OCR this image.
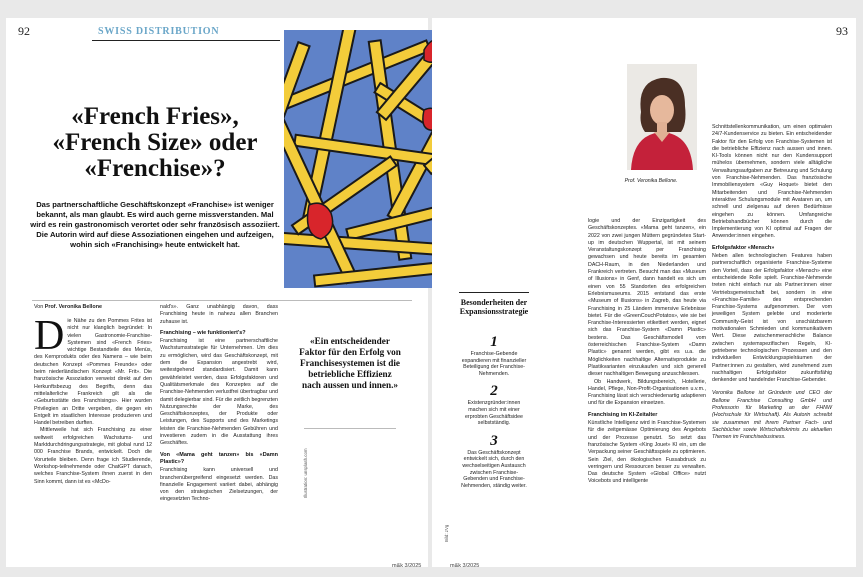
92	SWISS DISTRIBUTION
«French Fries», «French Size» oder «Frenchise»?
Das partnerschaftliche Geschäftskonzept «Franchise» ist weniger bekannt, als man glaubt. Es wird auch gerne missverstanden. Mal wird es rein gastronomisch verortet oder sehr französisch assoziiert. Die Autorin wird auf diese Assoziationen eingehen und aufzeigen, wohin sich «Franchising» heute entwickelt hat.
Von Prof. Veronika Bellone
D ie Nähe zu den Pommes Frites ist nicht nur klanglich begründet: In vielen Gastronomie-Franchise-Systemen sind «French Fries» wichtige Bestandteile des Menüs, des Kernprodukts oder des Namens – wie beim deutschen Konzept «Pommes Freunde» oder beim niederländischen Konzept «Mr. Frit». Die französische Assoziation verweist direkt auf den Herkunftsbezug des Begriffs, denn das mittelalterliche Frankreich gilt als die «Geburtsstätte des Franchisings». Hier wurden Privilegien an Dritte vergeben, die gegen ein Entgelt im staatlichen Interesse produzieren und Handel betreiben durften.

Mittlerweile hat sich Franchising zu einer weltweit erfolgreichen Wachstums- und Marktdurchdringungsstrategie, mit global rund 12 000 Franchise Brands, entwickelt. Doch die Vorurteile bleiben. Denn frage ich Studierende, Workshop-teilnehmende oder ChatGPT danach, welches Franchise-System ihnen zuerst in den Sinn kommt, dann ist es «McDo-

nald's». Ganz unabhängig davon, dass Franchising heute in nahezu allen Branchen zuhause ist.

Franchising – wie funktioniert's?

Franchising ist eine partnerschaftliche Wachstumsstrategie für Unternehmen. Um dies zu ermöglichen, wird das Geschäftskonzept, mit dem die Expansion angestrebt wird, weitestgehend standardisiert. Damit kann gewährleistet werden, dass Erfolgsfaktoren und Qualitätsmerkmale des Konzeptes auf die Franchise-Nehmenden verlustfrei übertragbar und damit delegierbar sind. Für die zeitlich begrenzten Nutzungsrechte der Marke, des Geschäftskonzeptes, der Produkte oder Leistungen, des Supports und des Marketings leisten die Franchise-Nehmenden Gebühren und investieren zudem in die Ausstattung ihres Geschäftes.

Von «Mama geht tanzen» bis «Damn Plastic»?

Franchising kann universell und branchenübergreifend eingesetzt werden. Das finanzielle Engagement variiert dabei, abhängig von den strategischen Zielsetzungen, der eingesetzten Techno-

Illustration: unsplash.com
«Ein entscheidender Faktor für den Erfolg von Franchisesystemen ist die betriebliche Effizienz nach aussen und innen.»
m&k 3/2025
93
Besonderheiten der Expansionsstrategie
1
Franchise-Gebende expandieren mit finanzieller Beteiligung der Franchise-Nehmenden.
2
Existenzgründer:innen machen sich mit einer erprobten Geschäftsidee selbstständig.
3
Das Geschäftskonzept entwickelt sich, durch den wechselseitigen Austausch zwischen Franchise-Gebenden und Franchise-Nehmenden, ständig weiter.
Bild: zVg

logie und der Einzigartigkeit des Geschäftskonzeptes. «Mama geht tanzen», ein 2022 von zwei jungen Müttern gegründetes Start-up im deutschen Wuppertal, ist mit seinem Veranstaltungskonzept per Franchising gewachsen und heute bereits im gesamten DACH-Raum, in den Niederlanden und Frankreich vertreten. Besucht man das «Museum of Illusions» in Genf, dann handelt es sich um einen von 55 Standorten des erfolgreichen Erlebnismuseums. 2015 entstand das erste «Museum of Illusions» in Zagreb, das heute via Franchising in 25 Ländern immersive Erlebnisse bietet. Für die «GreenCouchPotatos», wie sie bei Franchise-Interessierten etikettiert werden, eignet sich das Franchise-System «Damn Plastic» bestens. Das Geschäftsmodell vom österreichischen Franchise-System «Damn Plastic» genannt werden, gibt es u.a. die Möglichkeiten nachhaltige Alternativprodukte zu Plastikvarianten einzukaufen und sich generell dieser nachhaltigen Bewegung anzuschliessen.

Ob Handwerk, Bildungsbereich, Hotellerie, Handel, Pflege, Non-Profit-Organisationen u.v.m., Franchising lässt sich verschiedenartig adaptieren und für die Expansion einsetzen.

Franchising im KI-Zeitalter

Künstliche Intelligenz wird in Franchise-Systemen für die zeitgemässe Optimierung des Angebots und der Prozesse genutzt. So setzt das französische System «King Jouet» KI ein, um die Verpackung seiner Geschäftsspiele zu optimieren. Sein Ziel, den ökologischen Fussabdruck zu verringern und Ressourcen besser zu verwalten. Das deutsche System «Global Office» nutzt Voicebots und intelligente

Prof. Veronika Bellone.

Schnittstellenkommunikation, um einen optimalen 24/7-Kundenservice zu bieten. Ein entscheidender Faktor für den Erfolg von Franchise-Systemen ist die betriebliche Effizienz nach aussen und innen. KI-Tools können nicht nur den Kundensupport mühelos übernehmen, sondern viele alltägliche Verwaltungsaufgaben zur Betreuung und Schulung von Franchise-Nehmenden. Das französische Immobiliensystem «Guy Hoquet» bietet den Mitarbeitenden und Franchise-Nehmenden interaktive Schulungsmodule mit Avataren an, um schnell und zielgenau auf deren Bedürfnisse eingehen zu können. Umfangreiche Betriebshandbücher können durch die Implementierung von KI optimal auf Fragen der Anwender:innen eingehen.

Erfolgsfaktor «Mensch»

Neben allen technologischen Features haben partnerschaftlich organisierte Franchise-Systeme den Vorteil, dass der Erfolgsfaktor «Mensch» eine entscheidende Rolle spielt. Franchise-Nehmende treten nicht einfach nur als Partner:innen einer Vertriebsgemeinschaft bei, sondern in eine «Franchise-Familie» des entsprechenden Franchise-Systems aufgenommen. Der vom jeweiligen System gelebte und moderierte Community-Geist ist von unschätzbarem motivationalen Schmieden und kommunikativem Wert. Diese zwischenmenschliche Balance zwischen systemspezifischen Regeln, KI-getriebene technologischen Prozessen und den individuellen Entwicklungsspielräumen der Partner:innen zu gestalten, wird zunehmend zum nachhaltigen Erfolgsfaktor zukunftsfähig denkender und handelnder Franchise-Gebender.

Veronika Bellone ist Gründerin und CEO der Bellone Franchise Consulting GmbH und Professorin für Marketing an der FHNW (Hochschule für Wirtschaft). Als Autorin schreibt sie zusammen mit ihrem Partner Fach- und Sachbücher sowie Wirtschaftskrimis zu aktuellen Themen im Franchisebusiness.

m&k 3/2025
